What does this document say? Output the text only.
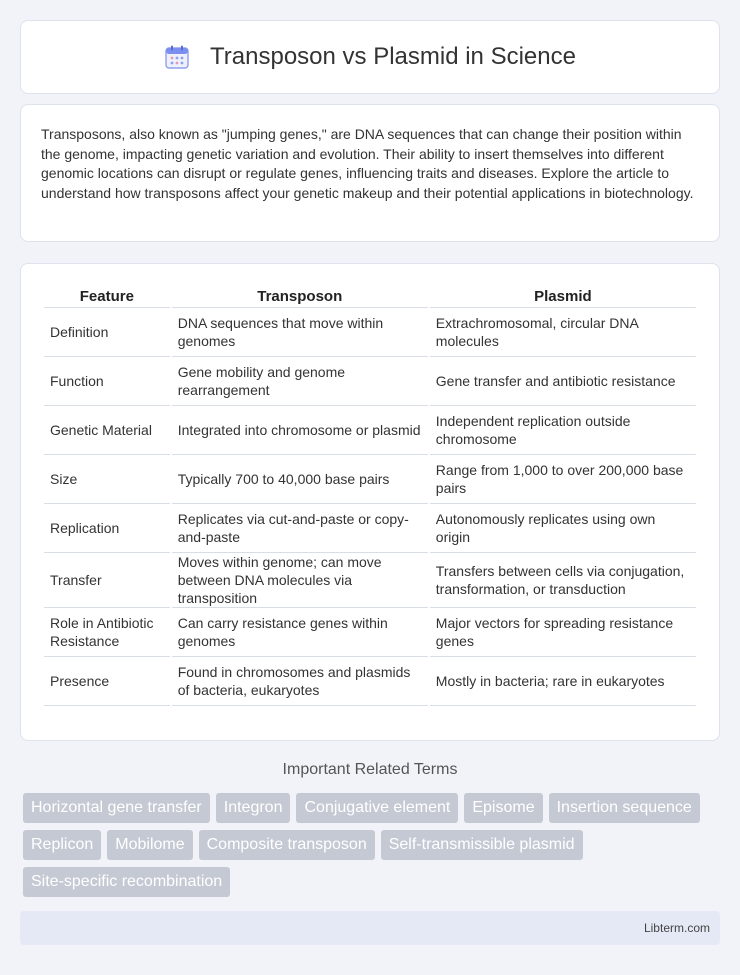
Transposon vs Plasmid in Science

Transposons, also known as "jumping genes," are DNA sequences that can change their position within the genome, impacting genetic variation and evolution. Their ability to insert themselves into different genomic locations can disrupt or regulate genes, influencing traits and diseases. Explore the article to understand how transposons affect your genetic makeup and their potential applications in biotechnology.

Feature	Transposon	Plasmid
Definition	DNA sequences that move within genomes	Extrachromosomal, circular DNA molecules
Function	Gene mobility and genome rearrangement	Gene transfer and antibiotic resistance
Genetic Material	Integrated into chromosome or plasmid	Independent replication outside chromosome
Size	Typically 700 to 40,000 base pairs	Range from 1,000 to over 200,000 base pairs
Replication	Replicates via cut-and-paste or copy-and-paste	Autonomously replicates using own origin
Transfer	Moves within genome; can move between DNA molecules via transposition	Transfers between cells via conjugation, transformation, or transduction
Role in Antibiotic Resistance	Can carry resistance genes within genomes	Major vectors for spreading resistance genes
Presence	Found in chromosomes and plasmids of bacteria, eukaryotes	Mostly in bacteria; rare in eukaryotes
Important Related Terms
Horizontal gene transfer	Integron	Conjugative element	Episome	Insertion sequence
Replicon	Mobilome	Composite transposon	Self-transmissible plasmid
Site-specific recombination
Libterm.com
